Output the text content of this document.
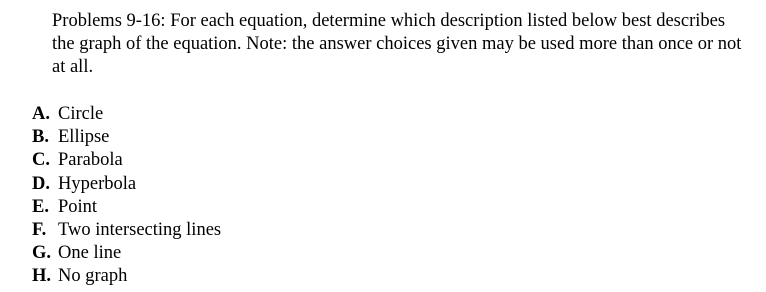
Problems 9-16: For each equation, determine which description listed below best describes the graph of the equation. Note: the answer choices given may be used more than once or not at all.

A. Circle
B. Ellipse
C. Parabola
D. Hyperbola
E. Point
F. Two intersecting lines
G. One line
H. No graph
